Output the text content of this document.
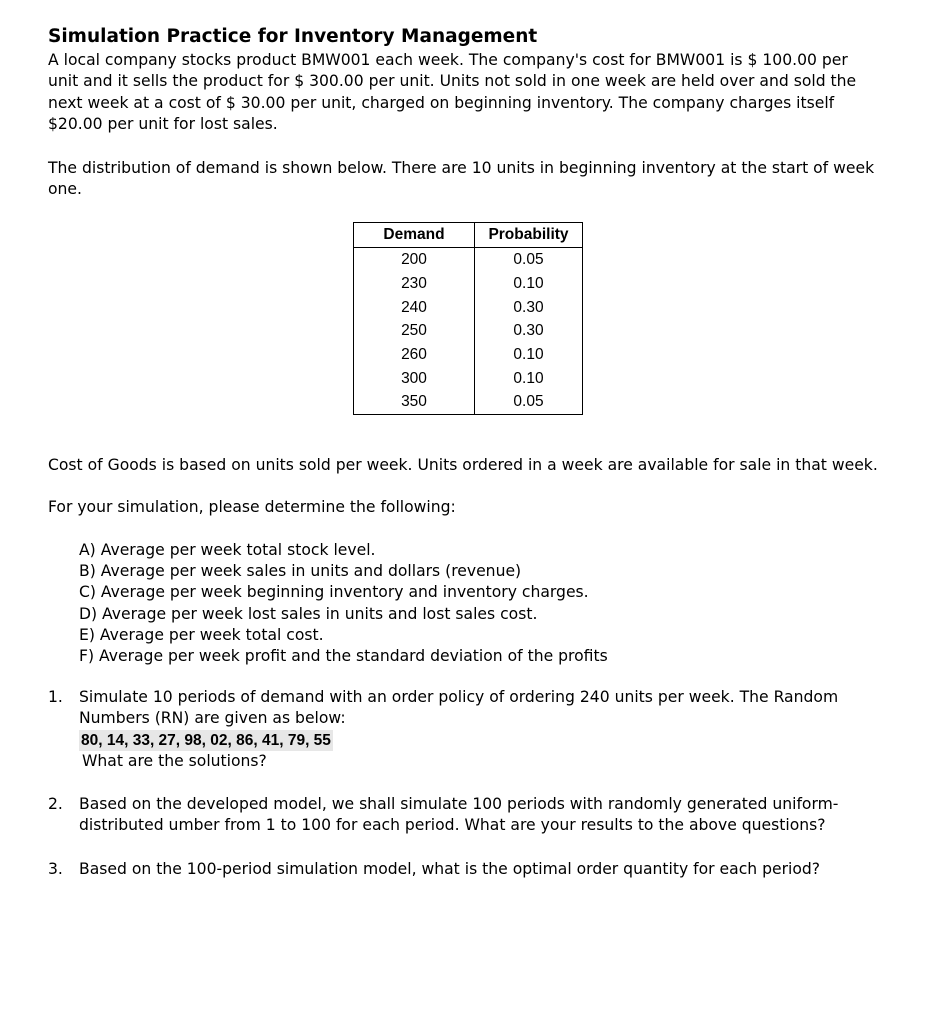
Simulation Practice for Inventory Management

A local company stocks product BMW001 each week. The company's cost for BMW001 is $ 100.00 per unit and it sells the product for $ 300.00 per unit. Units not sold in one week are held over and sold the next week at a cost of $ 30.00 per unit, charged on beginning inventory. The company charges itself $20.00 per unit for lost sales.

The distribution of demand is shown below. There are 10 units in beginning inventory at the start of week one.

Demand	Probability
200	0.05
230	0.10
240	0.30
250	0.30
260	0.10
300	0.10
350	0.05

Cost of Goods is based on units sold per week. Units ordered in a week are available for sale in that week.

For your simulation, please determine the following:

A) Average per week total stock level.
B) Average per week sales in units and dollars (revenue)
C) Average per week beginning inventory and inventory charges.
D) Average per week lost sales in units and lost sales cost.
E) Average per week total cost.
F) Average per week profit and the standard deviation of the profits
1.	Simulate 10 periods of demand with an order policy of ordering 240 units per week. The Random Numbers (RN) are given as below:
80, 14, 33, 27, 98, 02, 86, 41, 79, 55
What are the solutions?
2.	Based on the developed model, we shall simulate 100 periods with randomly generated uniform-distributed umber from 1 to 100 for each period. What are your results to the above questions?
3.	Based on the 100-period simulation model, what is the optimal order quantity for each period?
